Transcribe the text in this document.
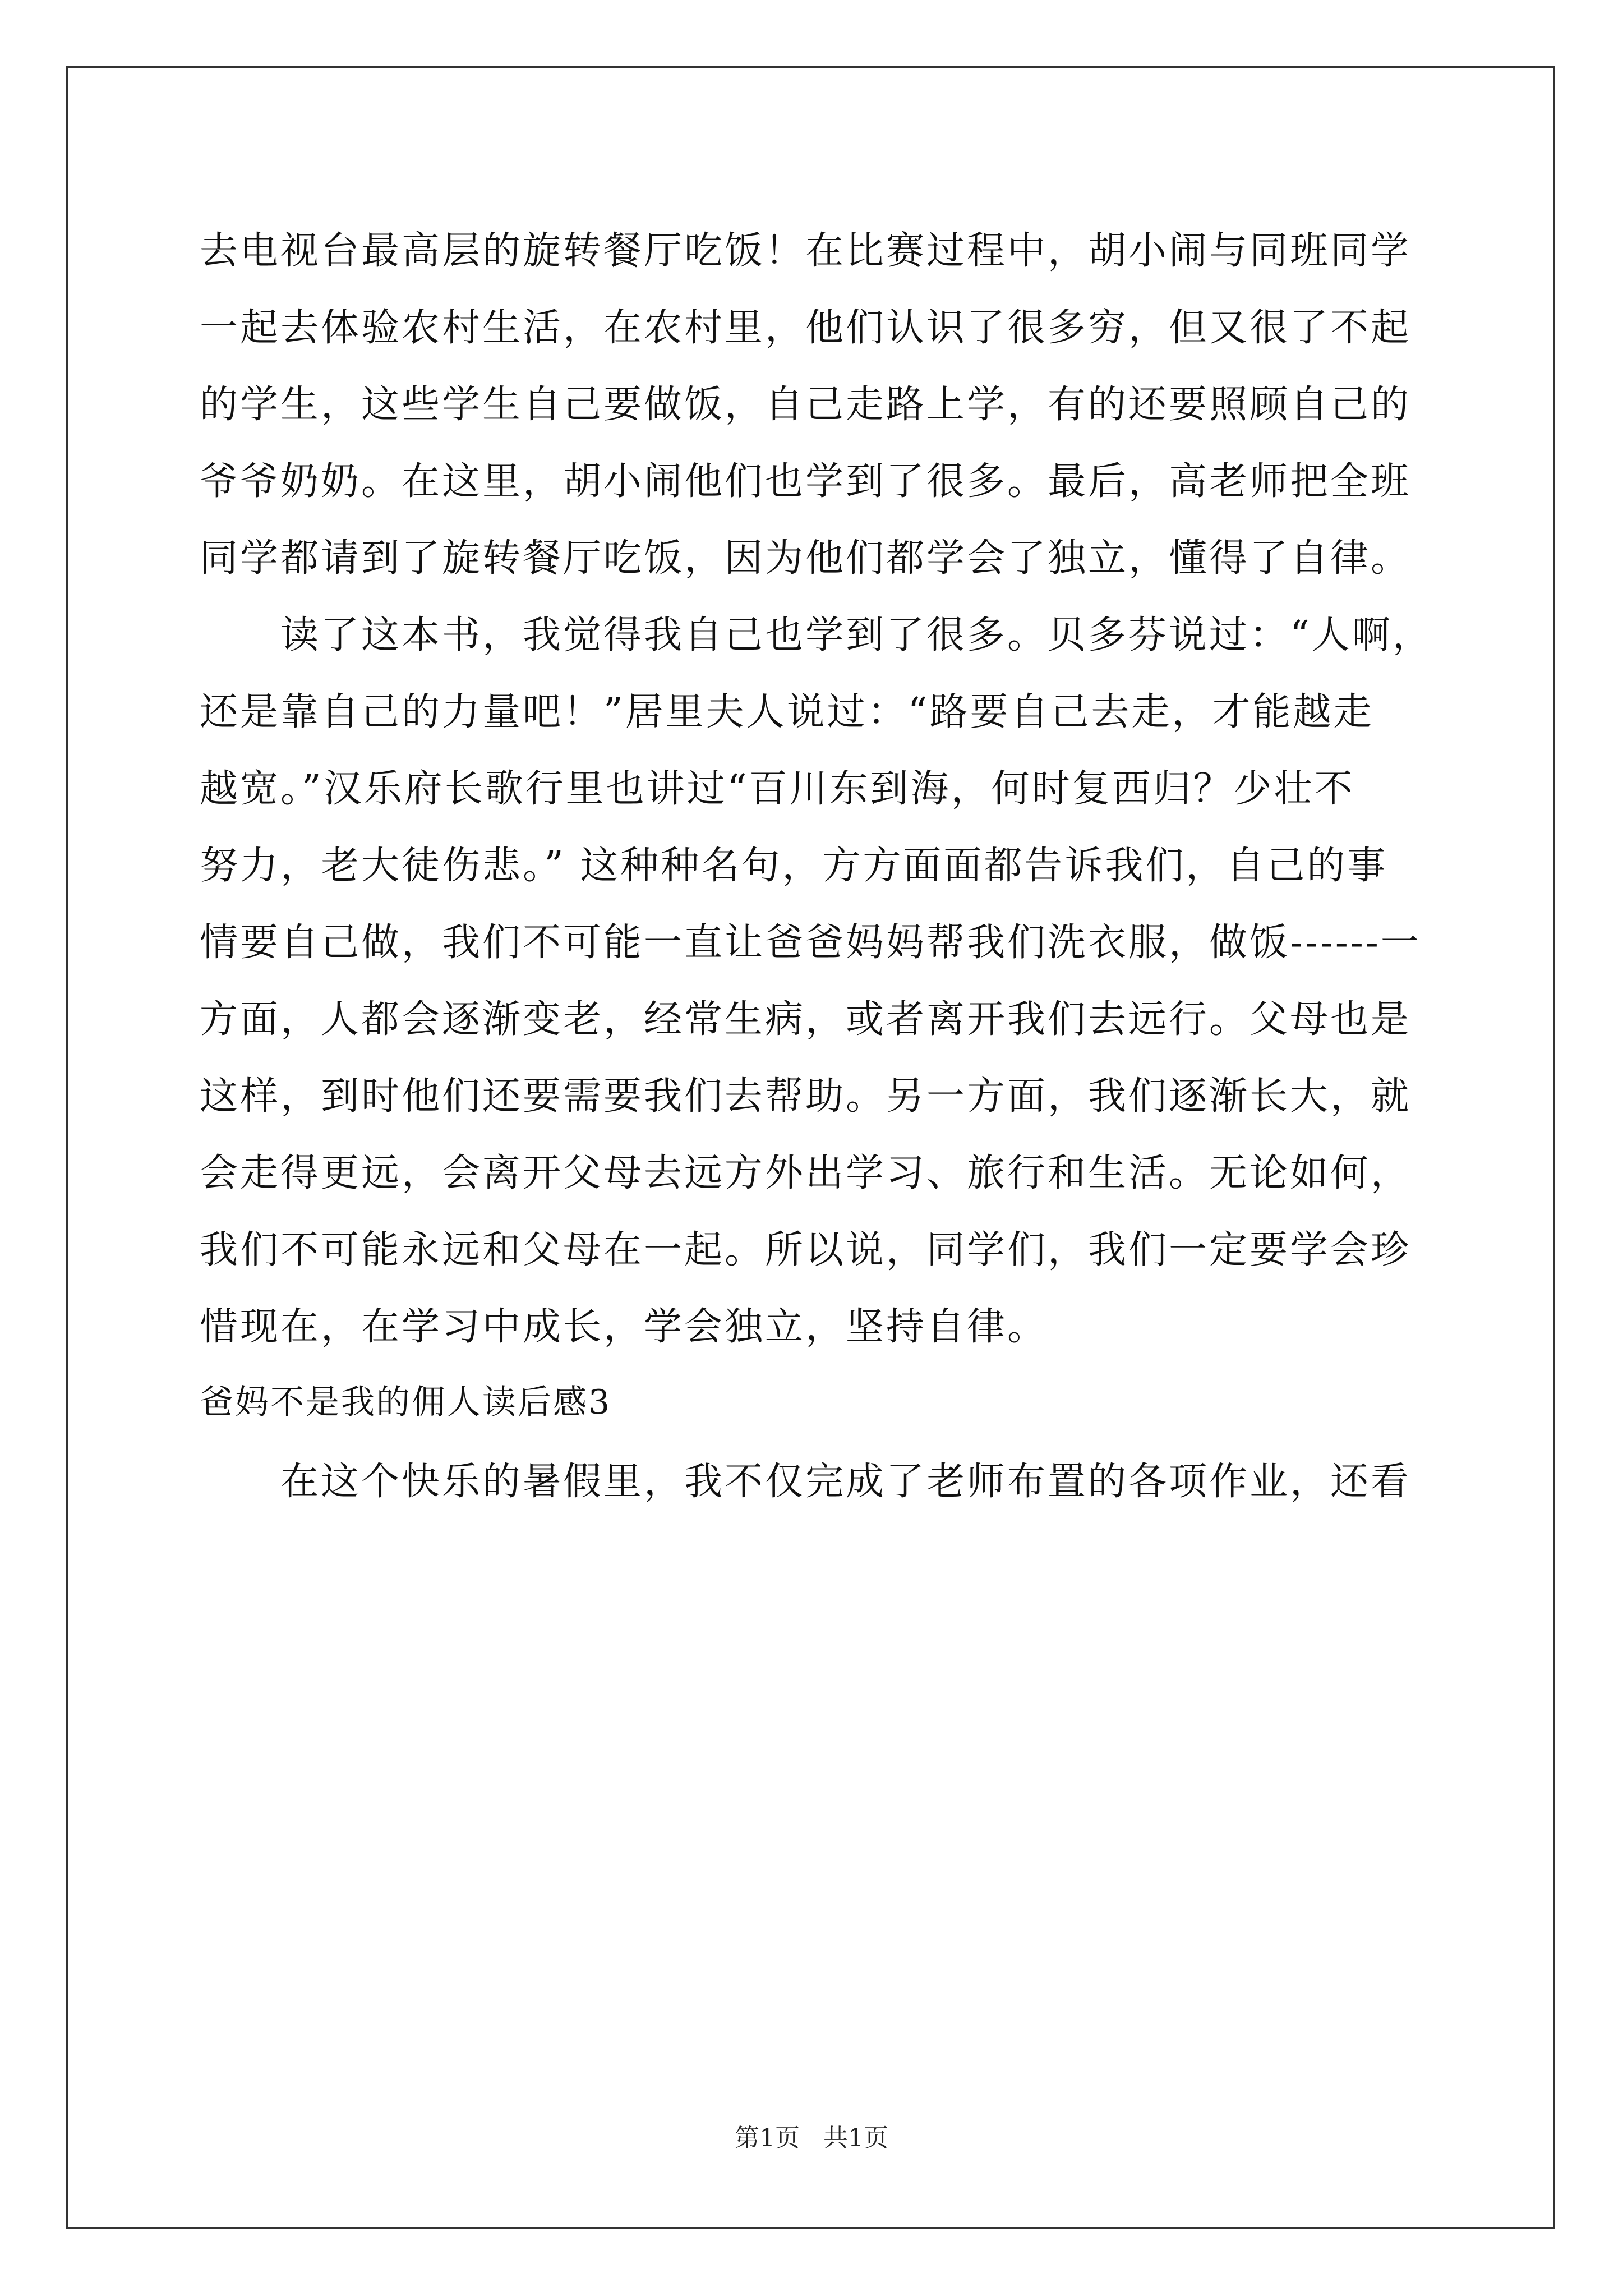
去电视台最高层的旋转餐厅吃饭！在比赛过程中，胡小闹与同班同学
一起去体验农村生活，在农村里，他们认识了很多穷，但又很了不起
的学生，这些学生自己要做饭，自己走路上学，有的还要照顾自己的
爷爷奶奶。在这里，胡小闹他们也学到了很多。最后，高老师把全班
同学都请到了旋转餐厅吃饭，因为他们都学会了独立，懂得了自律。
　　读了这本书，我觉得我自己也学到了很多。贝多芬说过：“人啊，
还是靠自己的力量吧！”居里夫人说过：“路要自己去走，才能越走
越宽。”汉乐府长歌行里也讲过“百川东到海，何时复西归？少壮不
努力，老大徒伤悲。” 这种种名句，方方面面都告诉我们，自己的事
情要自己做，我们不可能一直让爸爸妈妈帮我们洗衣服，做饭------一
方面，人都会逐渐变老，经常生病，或者离开我们去远行。父母也是
这样，到时他们还要需要我们去帮助。另一方面，我们逐渐长大，就
会走得更远，会离开父母去远方外出学习、旅行和生活。无论如何，
我们不可能永远和父母在一起。所以说，同学们，我们一定要学会珍
惜现在，在学习中成长，学会独立，坚持自律。
爸妈不是我的佣人读后感3
　　在这个快乐的暑假里，我不仅完成了老师布置的各项作业，还看
第1页   共1页
